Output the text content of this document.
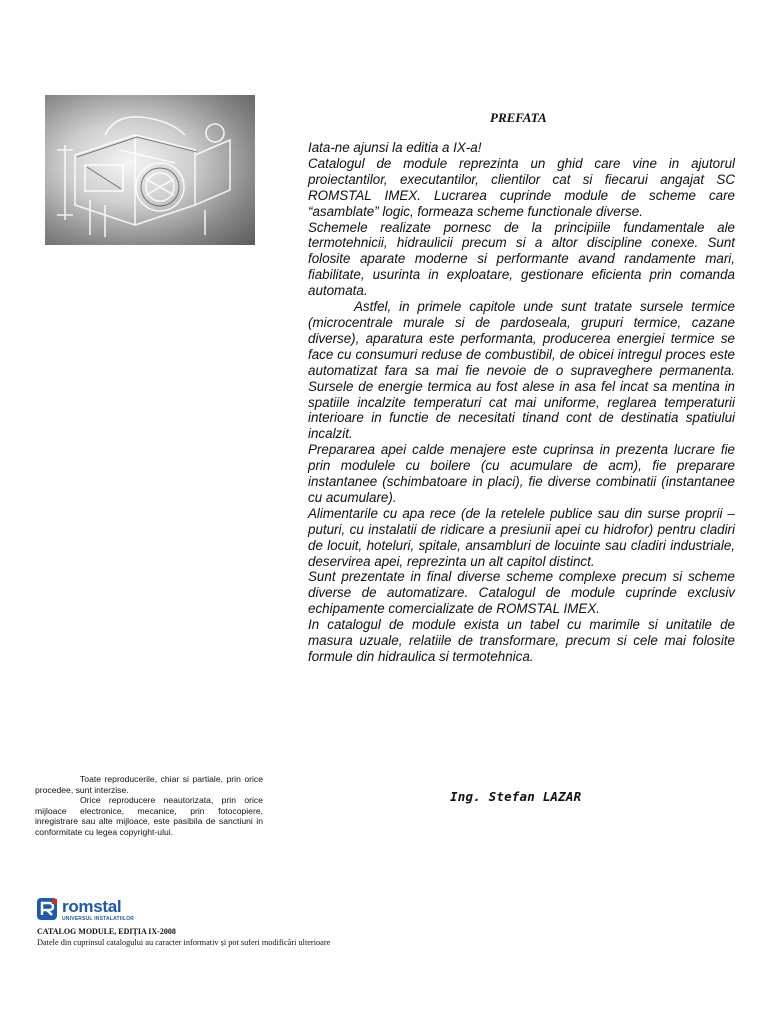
PREFATA

Iata-ne ajunsi la editia a IX-a!

Catalogul de module reprezinta un ghid care vine in ajutorul proiectantilor, executantilor, clientilor cat si fiecarui angajat SC ROMSTAL IMEX. Lucrarea cuprinde module de scheme care “asamblate” logic, formeaza scheme functionale diverse.

Schemele realizate pornesc de la principiile fundamentale ale termotehnicii, hidraulicii precum si a altor discipline conexe. Sunt folosite aparate moderne si performante avand randamente mari, fiabilitate, usurinta in exploatare, gestionare eficienta prin comanda automata.

Astfel, in primele capitole unde sunt tratate sursele termice (microcentrale murale si de pardoseala, grupuri termice, cazane diverse), aparatura este performanta, producerea energiei termice se face cu consumuri reduse de combustibil, de obicei intregul proces este automatizat fara sa mai fie nevoie de o supraveghere permanenta. Sursele de energie termica au fost alese in asa fel incat sa mentina in spatiile incalzite temperaturi cat mai uniforme, reglarea temperaturii interioare in functie de necesitati tinand cont de destinatia spatiului incalzit.

Prepararea apei calde menajere este cuprinsa in prezenta lucrare fie prin modulele cu boilere (cu acumulare de acm), fie preparare instantanee (schimbatoare in placi), fie diverse combinatii (instantanee cu acumulare).

Alimentarile cu apa rece (de la retelele publice sau din surse proprii – puturi, cu instalatii de ridicare a presiunii apei cu hidrofor) pentru cladiri de locuit, hoteluri, spitale, ansambluri de locuinte sau cladiri industriale, deservirea apei, reprezinta un alt capitol distinct.

Sunt prezentate in final diverse scheme complexe precum si scheme diverse de automatizare. Catalogul de module cuprinde exclusiv echipamente comercializate de ROMSTAL IMEX.

In catalogul de module exista un tabel cu marimile si unitatile de masura uzuale, relatiile de transformare, precum si cele mai folosite formule din hidraulica si termotehnica.

Ing. Stefan LAZAR

Toate reproducerile, chiar si partiale, prin orice procedee, sunt interzise.

Orice reproducere neautorizata, prin orice mijloace electronice, mecanice, prin fotocopiere, inregistrare sau alte mijloace, este pasibila de sanctiuni in conformitate cu legea copyright-ului.

romstal
UNIVERSUL INSTALATIILOR
CATALOG MODULE, EDIȚIA IX-2008
Datele din cuprinsul catalogului au caracter informativ și pot suferi modificări ulterioare
